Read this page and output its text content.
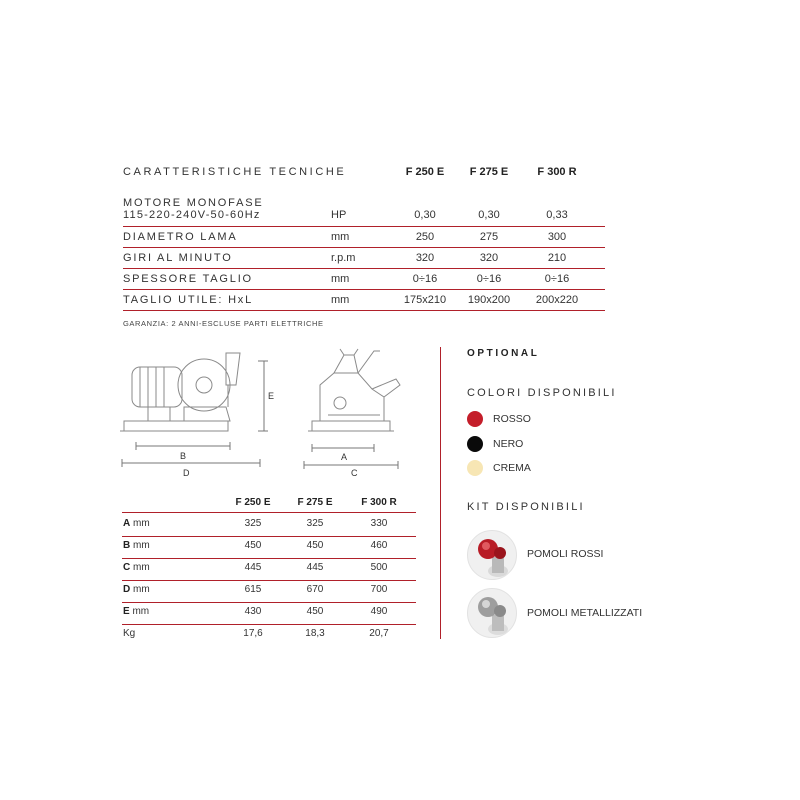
CARATTERISTICHE TECNICHE	F 250 E	F 275 E	F 300 R
MOTORE MONOFASE
115-220-240V-50-60Hz	HP	0,30	0,30	0,33
DIAMETRO LAMA	mm	250	275	300
GIRI AL MINUTO	r.p.m	320	320	210
SPESSORE TAGLIO	mm	0÷16	0÷16	0÷16
TAGLIO UTILE: HxL	mm	175x210	190x200	200x220
GARANZIA: 2 ANNI-ESCLUSE PARTI ELETTRICHE
E
B
D
A
C
F 250 E	F 275 E	F 300 R
A mm	325	325	330
B mm	450	450	460
C mm	445	445	500
D mm	615	670	700
E mm	430	450	490
Kg	17,6	18,3	20,7
OPTIONAL
COLORI DISPONIBILI
ROSSO
NERO
CREMA
KIT DISPONIBILI
POMOLI ROSSI
POMOLI METALLIZZATI
